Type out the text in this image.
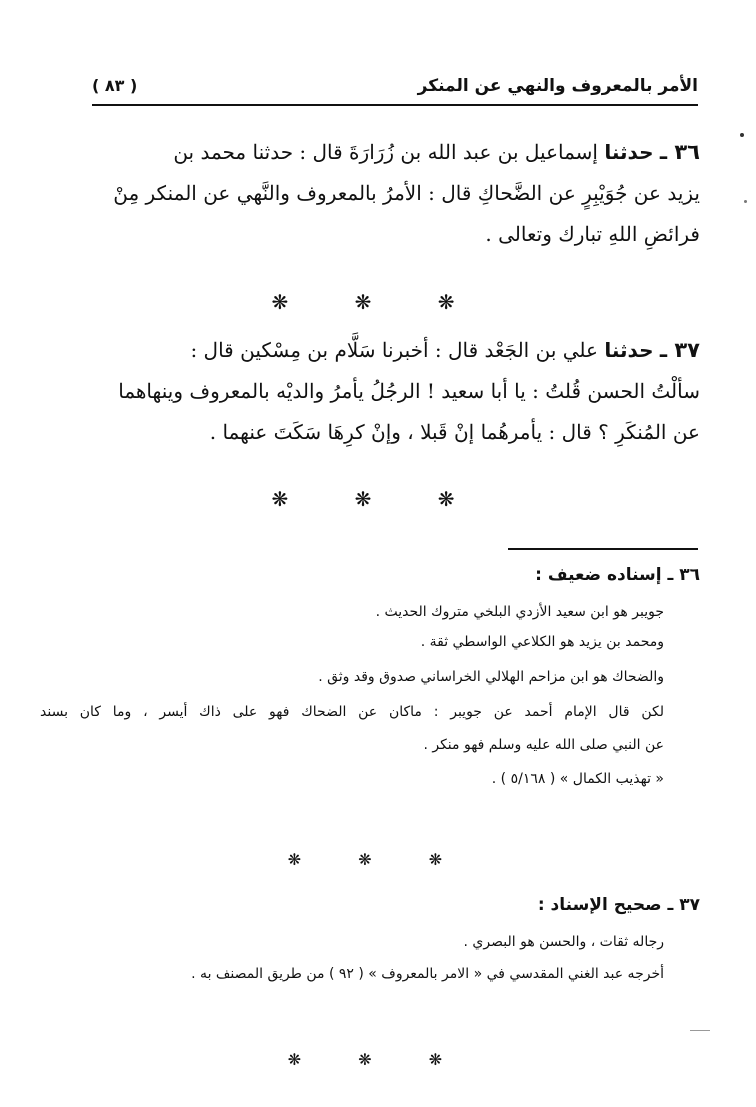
الأمر بالمعروف والنهي عن المنكر
( ٨٣ )
٣٦ ـ حدثنا إسماعيل بن عبد الله بن زُرَارَةَ قال : حدثنا محمد بن
يزيد عن جُوَيْبِرٍ عن الضَّحاكِ قال : الأمرُ بالمعروف والنَّهي عن المنكر مِنْ
فرائضِ اللهِ تبارك وتعالى .
❋ ❋ ❋
٣٧ ـ حدثنا علي بن الجَعْد قال : أخبرنا سَلَّام بن مِسْكين قال :
سألْتُ الحسن قُلتُ : يا أبا سعيد ! الرجُلُ يأمرُ والديْه بالمعروف وينهاهما
عن المُنكَرِ ؟ قال : يأمرهُما إنْ قَبلا ، وإنْ كرِهَا سَكَتَ عنهما .
❋ ❋ ❋
٣٦ ـ إسناده ضعيف :
جويبر هو ابن سعيد الأزدي البلخي متروك الحديث .
ومحمد بن يزيد هو الكلاعي الواسطي ثقة .
والضحاك هو ابن مزاحم الهلالي الخراساني صدوق وقد وثق .
لكن قال الإمام أحمد عن جويبر : ماكان عن الضحاك فهو على ذاك أيسر ، وما كان بسند
عن النبي صلى الله عليه وسلم فهو منكر .
« تهذيب الكمال » ( ٥/١٦٨ ) .
❋ ❋ ❋
٣٧ ـ صحيح الإسناد :
رجاله ثقات ، والحسن هو البصري .
أخرجه عبد الغني المقدسي في « الامر بالمعروف » ( ٩٢ ) من طريق المصنف به .
❋ ❋ ❋
